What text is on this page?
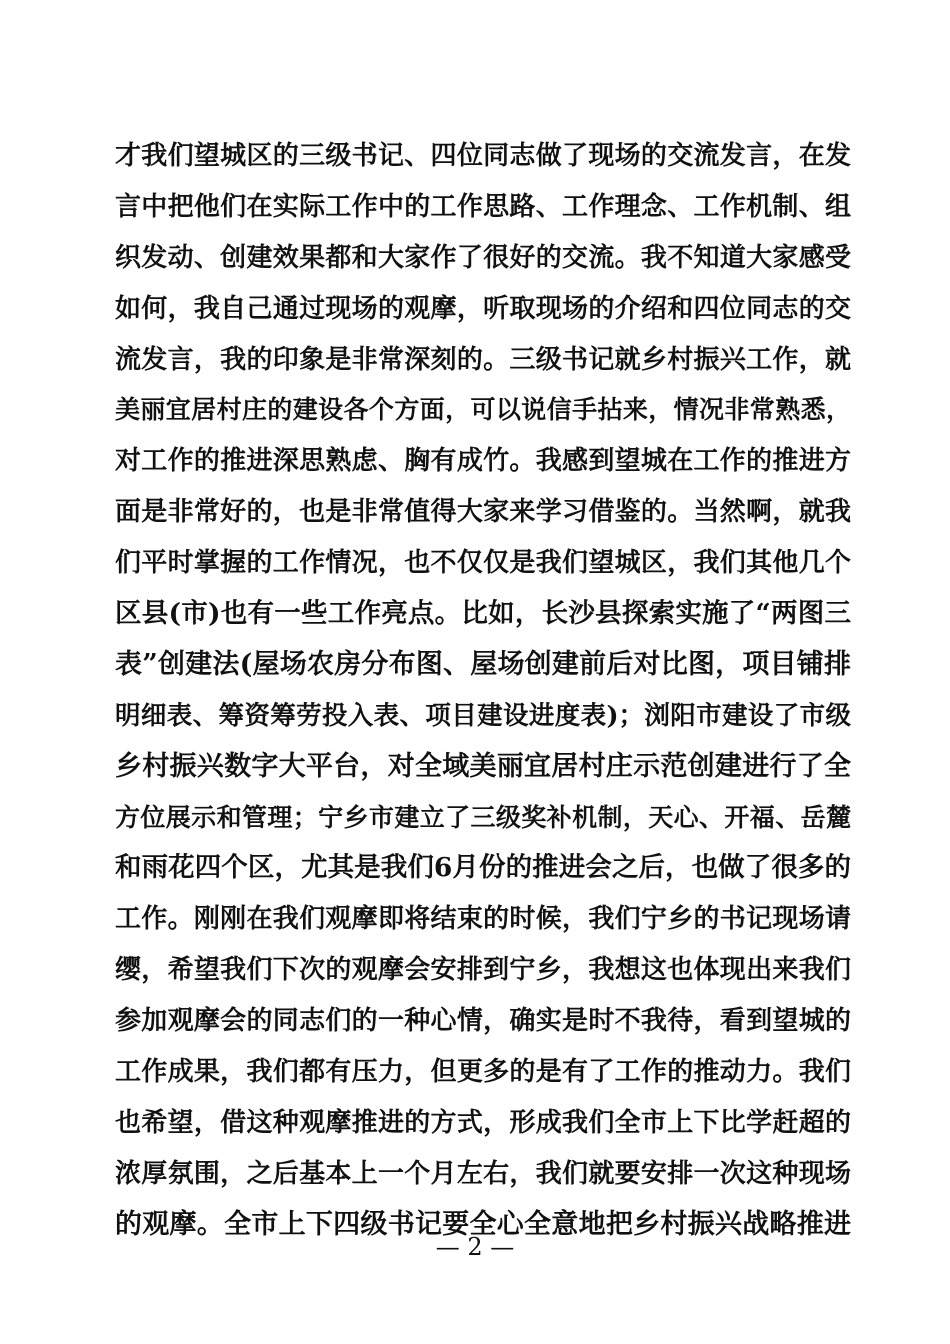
才我们望城区的三级书记、四位同志做了现场的交流发言，在发
言中把他们在实际工作中的工作思路、工作理念、工作机制、组
织发动、创建效果都和大家作了很好的交流。我不知道大家感受
如何，我自己通过现场的观摩，听取现场的介绍和四位同志的交
流发言，我的印象是非常深刻的。三级书记就乡村振兴工作，就
美丽宜居村庄的建设各个方面，可以说信手拈来，情况非常熟悉，
对工作的推进深思熟虑、胸有成竹。我感到望城在工作的推进方
面是非常好的，也是非常值得大家来学习借鉴的。当然啊，就我
们平时掌握的工作情况，也不仅仅是我们望城区，我们其他几个
区县(市)也有一些工作亮点。比如，长沙县探索实施了“两图三
表”创建法(屋场农房分布图、屋场创建前后对比图，项目铺排
明细表、筹资筹劳投入表、项目建设进度表)；浏阳市建设了市级
乡村振兴数字大平台，对全域美丽宜居村庄示范创建进行了全
方位展示和管理；宁乡市建立了三级奖补机制，天心、开福、岳麓
和雨花四个区，尤其是我们6月份的推进会之后，也做了很多的
工作。刚刚在我们观摩即将结束的时候，我们宁乡的书记现场请
缨，希望我们下次的观摩会安排到宁乡，我想这也体现出来我们
参加观摩会的同志们的一种心情，确实是时不我待，看到望城的
工作成果，我们都有压力，但更多的是有了工作的推动力。我们
也希望，借这种观摩推进的方式，形成我们全市上下比学赶超的
浓厚氛围，之后基本上一个月左右，我们就要安排一次这种现场
的观摩。全市上下四级书记要全心全意地把乡村振兴战略推进
— 2 —
